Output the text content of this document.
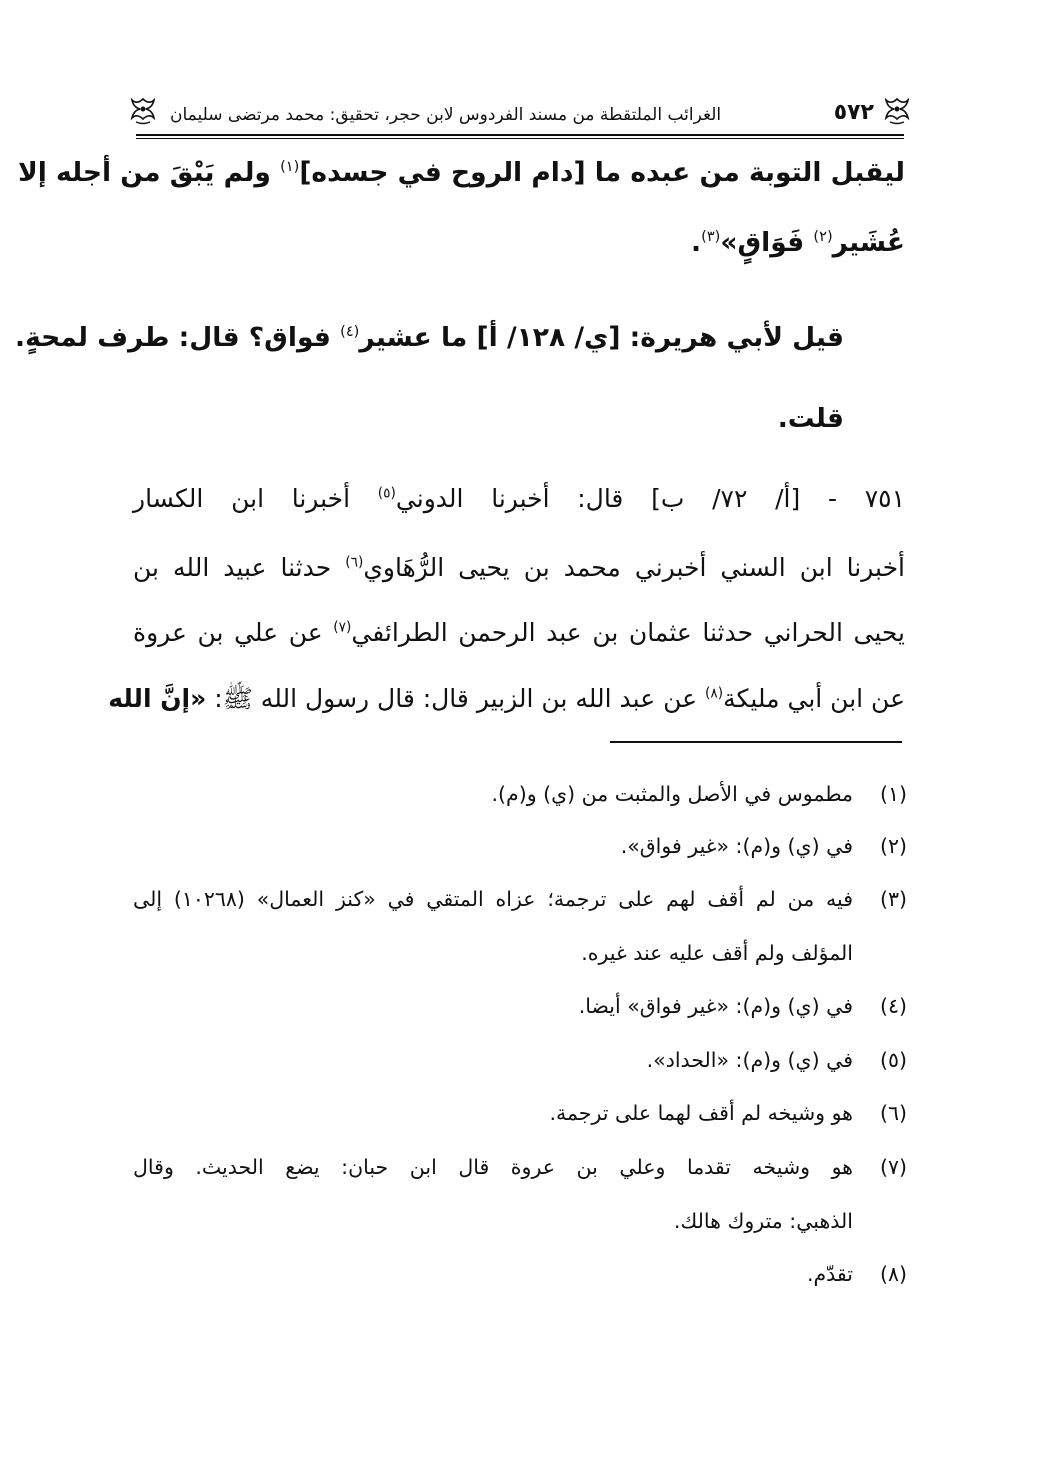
٥٧٢
الغرائب الملتقطة من مسند الفردوس لابن حجر، تحقيق: محمد مرتضى سليمان
ليقبل التوبة من عبده ما [دام الروح في جسده]$^{(١)}$ ولم يَبْقَ من أجله إلا
عُشَير$^{(٢)}$ فَوَاقٍ»$^{(٣)}$.
قيل لأبي هريرة: [ي/ ١٢٨/ أ] ما عشير$^{(٤)}$ فواق؟ قال: طرف لمحةٍ.
قلت.
٧٥١ - [أ/ ٧٢/ ب] قال: أخبرنا الدوني$^{(٥)}$ أخبرنا ابن الكسار
أخبرنا ابن السني أخبرني محمد بن يحيى الرُّهَاوي$^{(٦)}$ حدثنا عبيد الله بن
يحيى الحراني حدثنا عثمان بن عبد الرحمن الطرائفي$^{(٧)}$ عن علي بن عروة
عن ابن أبي مليكة$^{(٨)}$ عن عبد الله بن الزبير قال: قال رسول الله ﷺ: «إنَّ الله
(١)
مطموس في الأصل والمثبت من (ي) و(م).
(٢)
في (ي) و(م): «غير فواق».
(٣)
فيه من لم أقف لهم على ترجمة؛ عزاه المتقي في «كنز العمال» (١٠٢٦٨) إلى
المؤلف ولم أقف عليه عند غيره.
(٤)
في (ي) و(م): «غير فواق» أيضا.
(٥)
في (ي) و(م): «الحداد».
(٦)
هو وشيخه لم أقف لهما على ترجمة.
(٧)
هو وشيخه تقدما وعلي بن عروة قال ابن حبان: يضع الحديث. وقال
الذهبي: متروك هالك.
(٨)
تقدّم.
